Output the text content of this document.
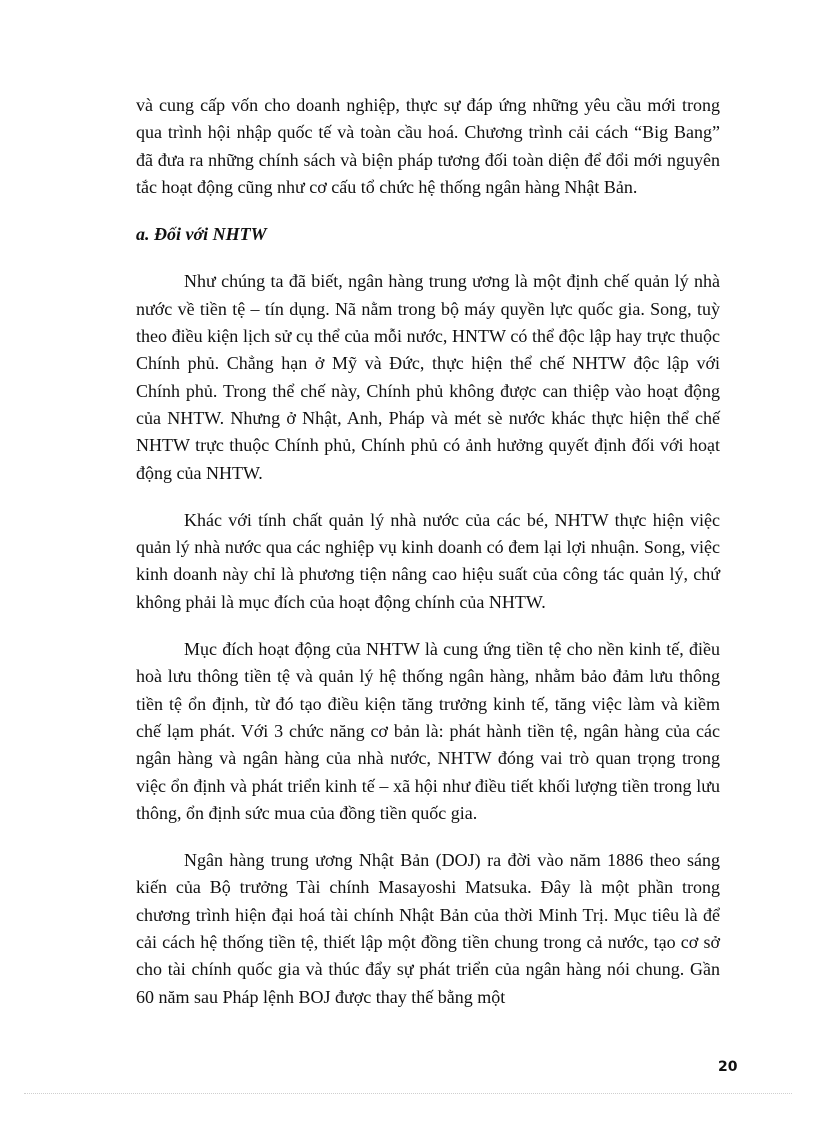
và cung cấp vốn cho doanh nghiệp, thực sự đáp ứng những yêu cầu mới trong qua trình hội nhập quốc tế và toàn cầu hoá. Chương trình cải cách “Big Bang” đã đưa ra những chính sách và biện pháp tương đối toàn diện để đổi mới nguyên tắc hoạt động cũng như cơ cấu tổ chức hệ thống ngân hàng Nhật Bản.

a. Đối với NHTW

Như chúng ta đã biết, ngân hàng trung ương là một định chế quản lý nhà nước về tiền tệ – tín dụng. Nã nằm trong bộ máy quyền lực quốc gia. Song, tuỳ theo điều kiện lịch sử cụ thể của mỗi nước, HNTW có thể độc lập hay trực thuộc Chính phủ. Chẳng hạn ở Mỹ và Đức, thực hiện thể chế NHTW độc lập với Chính phủ. Trong thể chế này, Chính phủ không được can thiệp vào hoạt động của NHTW. Nhưng ở Nhật, Anh, Pháp và mét sè nước khác thực hiện thể chế NHTW trực thuộc Chính phủ, Chính phủ có ảnh hưởng quyết định đối với hoạt động của NHTW.

Khác với tính chất quản lý nhà nước của các bé, NHTW thực hiện việc quản lý nhà nước qua các nghiệp vụ kinh doanh có đem lại lợi nhuận. Song, việc kinh doanh này chỉ là phương tiện nâng cao hiệu suất của công tác quản lý, chứ không phải là mục đích của hoạt động chính của NHTW.

Mục đích hoạt động của NHTW là cung ứng tiền tệ cho nền kinh tế, điều hoà lưu thông tiền tệ và quản lý hệ thống ngân hàng, nhằm bảo đảm lưu thông tiền tệ ổn định, từ đó tạo điều kiện tăng trưởng kinh tế, tăng việc làm và kiềm chế lạm phát. Với 3 chức năng cơ bản là: phát hành tiền tệ, ngân hàng của các ngân hàng và ngân hàng của nhà nước, NHTW đóng vai trò quan trọng trong việc ổn định và phát triển kinh tế – xã hội như điều tiết khối lượng tiền trong lưu thông, ổn định sức mua của đồng tiền quốc gia.

Ngân hàng trung ương Nhật Bản (DOJ) ra đời vào năm 1886 theo sáng kiến của Bộ trưởng Tài chính Masayoshi Matsuka. Đây là một phần trong chương trình hiện đại hoá tài chính Nhật Bản của thời Minh Trị. Mục tiêu là để cải cách hệ thống tiền tệ, thiết lập một đồng tiền chung trong cả nước, tạo cơ sở cho tài chính quốc gia và thúc đẩy sự phát triển của ngân hàng nói chung. Gần 60 năm sau Pháp lệnh BOJ được thay thế bằng một

20
